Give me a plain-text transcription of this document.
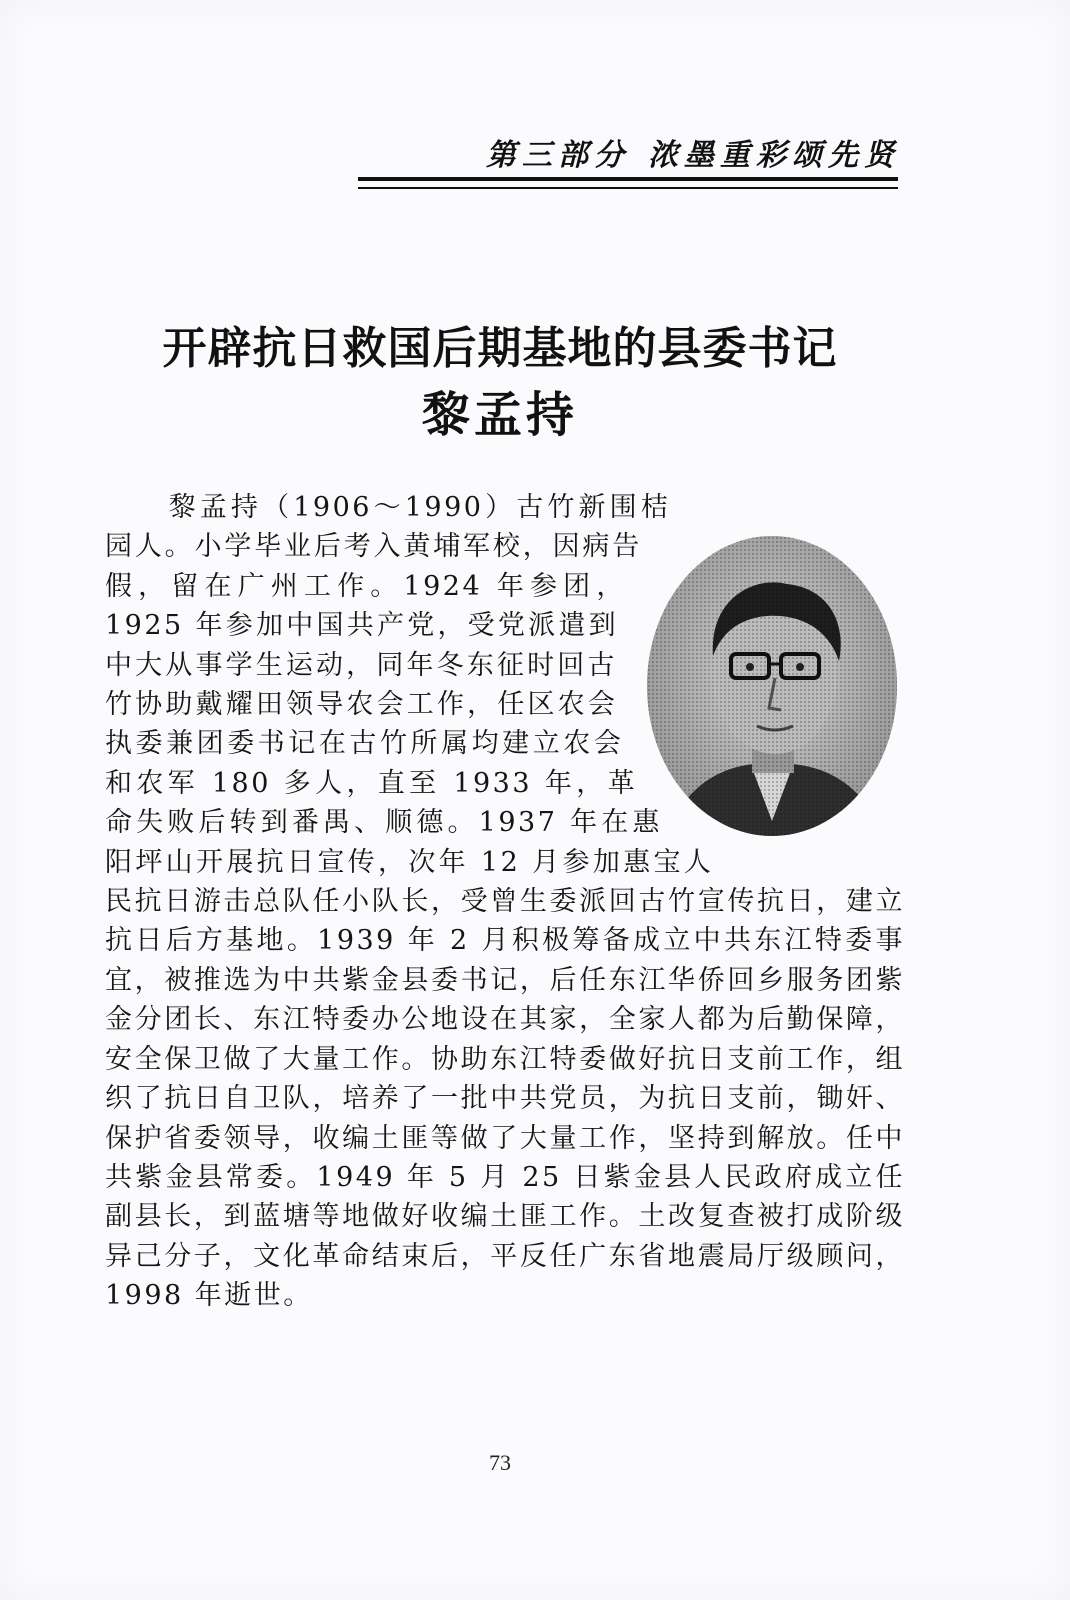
第三部分 浓墨重彩颂先贤
开辟抗日救国后期基地的县委书记
黎孟持
黎孟持（1906～1990）古竹新围桔园人。小学毕业后考入黄埔军校，因病告假，留在广州工作。1924 年参团，1925 年参加中国共产党，受党派遣到中大从事学生运动，同年冬东征时回古竹协助戴耀田领导农会工作，任区农会执委兼团委书记在古竹所属均建立农会和农军 180 多人，直至 1933 年，革命失败后转到番禺、顺德。1937 年在惠阳坪山开展抗日宣传，次年 12 月参加惠宝人民抗日游击总队任小队长，受曾生委派回古竹宣传抗日，建立抗日后方基地。1939 年 2 月积极筹备成立中共东江特委事宜，被推选为中共紫金县委书记，后任东江华侨回乡服务团紫金分团长、东江特委办公地设在其家，全家人都为后勤保障，安全保卫做了大量工作。协助东江特委做好抗日支前工作，组织了抗日自卫队，培养了一批中共党员，为抗日支前，锄奸、保护省委领导，收编土匪等做了大量工作，坚持到解放。任中共紫金县常委。1949 年 5 月 25 日紫金县人民政府成立任副县长，到蓝塘等地做好收编土匪工作。土改复查被打成阶级异己分子，文化革命结束后，平反任广东省地震局厅级顾问，1998 年逝世。
73
